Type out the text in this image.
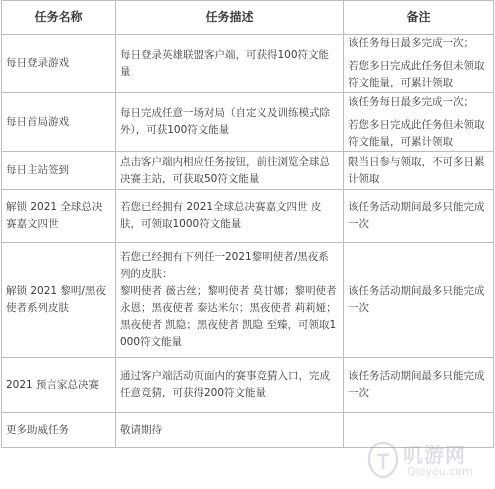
任务名称	任务描述	备注
每日登录游戏	每日登录英雄联盟客户端，可获得100符文能量	该任务每日最多完成一次；
若您多日完成此任务但未领取符文能量，可累计领取

每日首局游戏	每日完成任意一场对局（自定义及训练模式除外），可获100符文能量	该任务每日最多完成一次；
若您多日完成此任务但未领取符文能量，可累计领取

每日主站签到	点击客户端内相应任务按钮，前往浏览全球总决赛主站，可获取50符文能量	限当日参与领取，不可多日累计领取

解锁 2021 全球总决赛嘉文四世	若您已经拥有 2021全球总决赛嘉文四世 皮肤，可领取1000符文能量	该任务活动期间最多只能完成一次

解锁 2021 黎明/黑夜使者系列皮肤	若您已经拥有下列任一2021黎明使者/黑夜系列的皮肤：
黎明使者 薇古丝；黎明使者 莫甘娜；黎明使者 永恩；黑夜使者 泰达米尔；黑夜使者 莉莉娅；黑夜使者 凯隐；黑夜使者 凯隐 至臻，可领取1000符文能量	该任务活动期间最多只能完成一次

2021 预言家总决赛	通过客户端活动页面内的赛事竞猜入口，完成任意竞猜，可获得200符文能量	该任务活动期间最多只能完成一次

更多助威任务	敬请期待	

叽游网
Qieyou.com
